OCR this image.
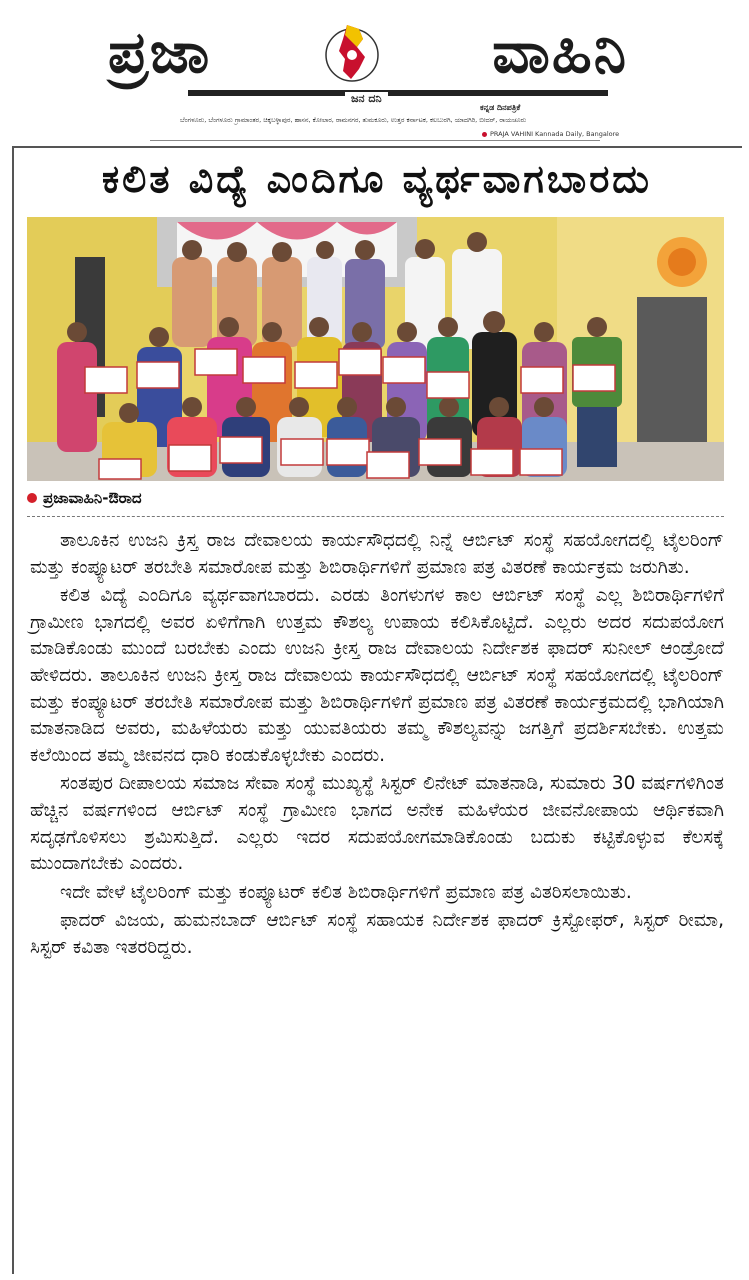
ಪ್ರಜಾ	ವಾಹಿನಿ
ಜನ ದನಿ
ಕನ್ನಡ ದಿನಪತ್ರಿಕೆ
ಬೆಂಗಳೂರು, ಬೆಂಗಳೂರು ಗ್ರಾಮಾಂತರ, ಚಿಕ್ಕಬಳ್ಳಾಪುರ, ಹಾಸನ, ಕೋಲಾರ, ರಾಮನಗರ, ತುಮಕೂರು, ಉತ್ತರ ಕರ್ನಾಟಕ, ಕಲಬುರಗಿ, ಯಾದಗಿರಿ, ಬೀದರ್, ರಾಯಚೂರು
PRAJA VAHINI Kannada Daily, Bangalore
ಕಲಿತ ವಿದ್ಯೆ ಎಂದಿಗೂ ವ್ಯರ್ಥವಾಗಬಾರದು
ಪ್ರಜಾವಾಹಿನಿ-ಔರಾದ

ತಾಲೂಕಿನ ಉಜನಿ ಕ್ರಿಸ್ತ ರಾಜ ದೇವಾಲಯ ಕಾರ್ಯಸೌಧದಲ್ಲಿ ನಿನ್ನೆ ಆರ್ಬಿಟ್ ಸಂಸ್ಥೆ ಸಹಯೋಗದಲ್ಲಿ ಟೈಲರಿಂಗ್ ಮತ್ತು ಕಂಪ್ಯೂಟರ್ ತರಬೇತಿ ಸಮಾರೋಪ ಮತ್ತು ಶಿಬಿರಾರ್ಥಿಗಳಿಗೆ ಪ್ರಮಾಣ ಪತ್ರ ವಿತರಣೆ ಕಾರ್ಯಕ್ರಮ ಜರುಗಿತು.

ಕಲಿತ ವಿದ್ಯೆ ಎಂದಿಗೂ ವ್ಯರ್ಥವಾಗಬಾರದು. ಎರಡು ತಿಂಗಳುಗಳ ಕಾಲ ಆರ್ಬಿಟ್ ಸಂಸ್ಥೆ ಎಲ್ಲ ಶಿಬಿರಾರ್ಥಿಗಳಿಗೆ ಗ್ರಾಮೀಣ ಭಾಗದಲ್ಲಿ ಅವರ ಏಳಿಗೆಗಾಗಿ ಉತ್ತಮ ಕೌಶಲ್ಯ ಉಪಾಯ ಕಲಿಸಿಕೊಟ್ಟಿದೆ. ಎಲ್ಲರು ಅದರ ಸದುಪಯೋಗ ಮಾಡಿಕೊಂಡು ಮುಂದೆ ಬರಬೇಕು ಎಂದು ಉಜನಿ ಕ್ರೀಸ್ತ ರಾಜ ದೇವಾಲಯ ನಿರ್ದೇಶಕ ಫಾದರ್ ಸುನೀಲ್ ಆಂಡ್ರೋದೆ ಹೇಳಿದರು. ತಾಲೂಕಿನ ಉಜನಿ ಕ್ರೀಸ್ತ ರಾಜ ದೇವಾಲಯ ಕಾರ್ಯಸೌಧದಲ್ಲಿ ಆರ್ಬಿಟ್ ಸಂಸ್ಥೆ ಸಹಯೋಗದಲ್ಲಿ ಟೈಲರಿಂಗ್ ಮತ್ತು ಕಂಪ್ಯೂಟರ್ ತರಬೇತಿ ಸಮಾರೋಪ ಮತ್ತು ಶಿಬಿರಾರ್ಥಿಗಳಿಗೆ ಪ್ರಮಾಣ ಪತ್ರ ವಿತರಣೆ ಕಾರ್ಯಕ್ರಮದಲ್ಲಿ ಭಾಗಿಯಾಗಿ ಮಾತನಾಡಿದ ಅವರು, ಮಹಿಳೆಯರು ಮತ್ತು ಯುವತಿಯರು ತಮ್ಮ ಕೌಶಲ್ಯವನ್ನು ಜಗತ್ತಿಗೆ ಪ್ರದರ್ಶಿಸಬೇಕು. ಉತ್ತಮ ಕಲೆಯಿಂದ ತಮ್ಮ ಜೀವನದ ಧಾರಿ ಕಂಡುಕೊಳ್ಳಬೇಕು ಎಂದರು.

ಸಂತಪುರ ದೀಪಾಲಯ ಸಮಾಜ ಸೇವಾ ಸಂಸ್ಥೆ ಮುಖ್ಯಸ್ಥೆ ಸಿಸ್ಟರ್ ಲಿನೇಟ್ ಮಾತನಾಡಿ, ಸುಮಾರು 30 ವರ್ಷಗಳಿಗಿಂತ ಹೆಚ್ಚಿನ ವರ್ಷಗಳಿಂದ ಆರ್ಬಿಟ್ ಸಂಸ್ಥೆ ಗ್ರಾಮೀಣ ಭಾಗದ ಅನೇಕ ಮಹಿಳೆಯರ ಜೀವನೋಪಾಯ ಆರ್ಥಿಕವಾಗಿ ಸದೃಢಗೊಳಿಸಲು ಶ್ರಮಿಸುತ್ತಿದೆ. ಎಲ್ಲರು ಇದರ ಸದುಪಯೋಗಮಾಡಿಕೊಂಡು ಬದುಕು ಕಟ್ಟಿಕೊಳ್ಳುವ ಕೆಲಸಕ್ಕೆ ಮುಂದಾಗಬೇಕು ಎಂದರು.

ಇದೇ ವೇಳೆ ಟೈಲರಿಂಗ್ ಮತ್ತು ಕಂಪ್ಯೂಟರ್ ಕಲಿತ ಶಿಬಿರಾರ್ಥಿಗಳಿಗೆ ಪ್ರಮಾಣ ಪತ್ರ ವಿತರಿಸಲಾಯಿತು.

ಫಾದರ್ ವಿಜಯ, ಹುಮನಬಾದ್ ಆರ್ಬಿಟ್ ಸಂಸ್ಥೆ ಸಹಾಯಕ ನಿರ್ದೇಶಕ ಫಾದರ್ ಕ್ರಿಸ್ಟೋಫರ್, ಸಿಸ್ಟರ್ ರೀಮಾ, ಸಿಸ್ಟರ್ ಕವಿತಾ ಇತರರಿದ್ದರು.
